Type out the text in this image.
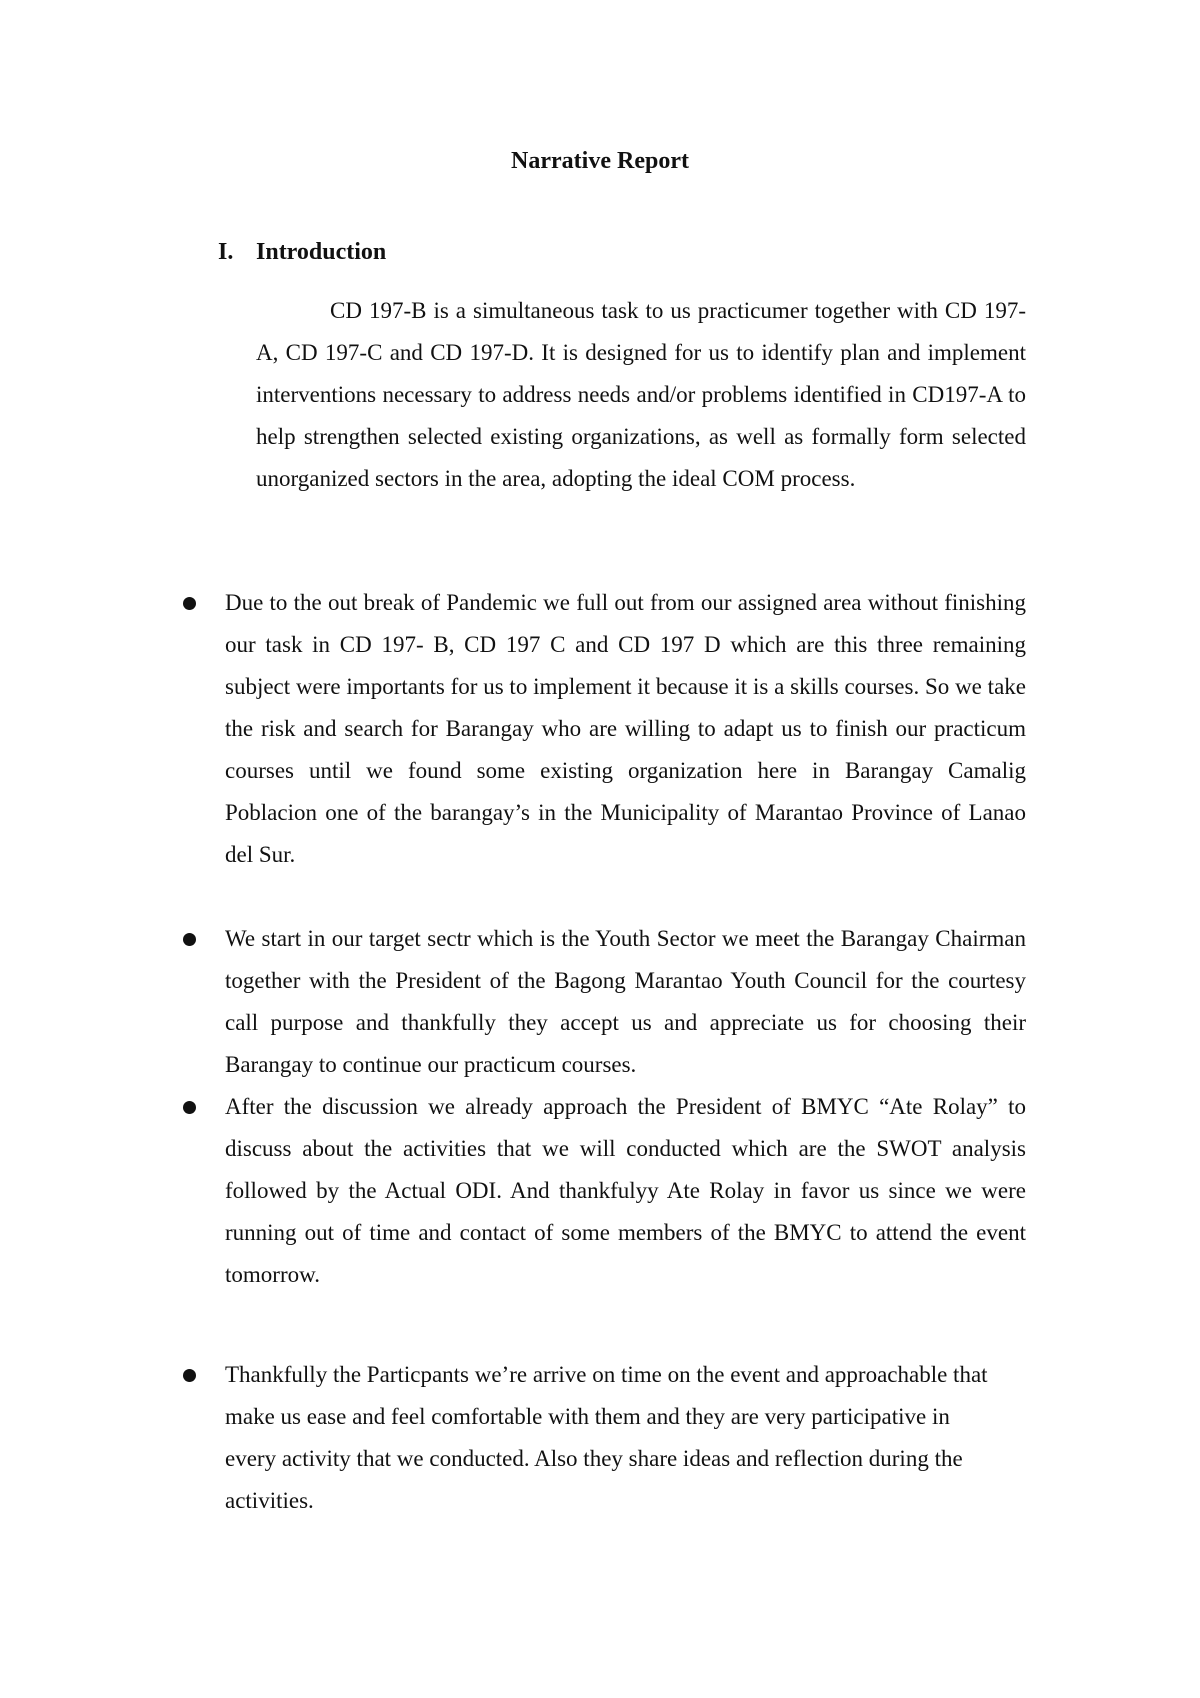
Narrative Report
I. Introduction
CD 197-B is a simultaneous task to us practicumer together with CD 197-A, CD 197-C and CD 197-D. It is designed for us to identify plan and implement interventions necessary to address needs and/or problems identified in CD197-A to help strengthen selected existing organizations, as well as formally form selected unorganized sectors in the area, adopting the ideal COM process.
Due to the out break of Pandemic we full out from our assigned area without finishing our task in CD 197- B, CD 197 C and CD 197 D which are this three remaining subject were importants for us to implement it because it is a skills courses. So we take the risk and search for Barangay who are willing to adapt us to finish our practicum courses until we found some existing organization here in Barangay Camalig Poblacion one of the barangay’s in the Municipality of Marantao Province of Lanao del Sur.
We start in our target sectr which is the Youth Sector we meet the Barangay Chairman together with the President of the Bagong Marantao Youth Council for the courtesy call purpose and thankfully they accept us and appreciate us for choosing their Barangay to continue our practicum courses.
After the discussion we already approach the President of BMYC “Ate Rolay” to discuss about the activities that we will conducted which are the SWOT analysis followed by the Actual ODI. And thankfulyy Ate Rolay in favor us since we were running out of time and contact of some members of the BMYC to attend the event tomorrow.
Thankfully the Particpants we’re arrive on time on the event and approachable that make us ease and feel comfortable with them and they are very participative in every activity that we conducted. Also they share ideas and reflection during the activities.
